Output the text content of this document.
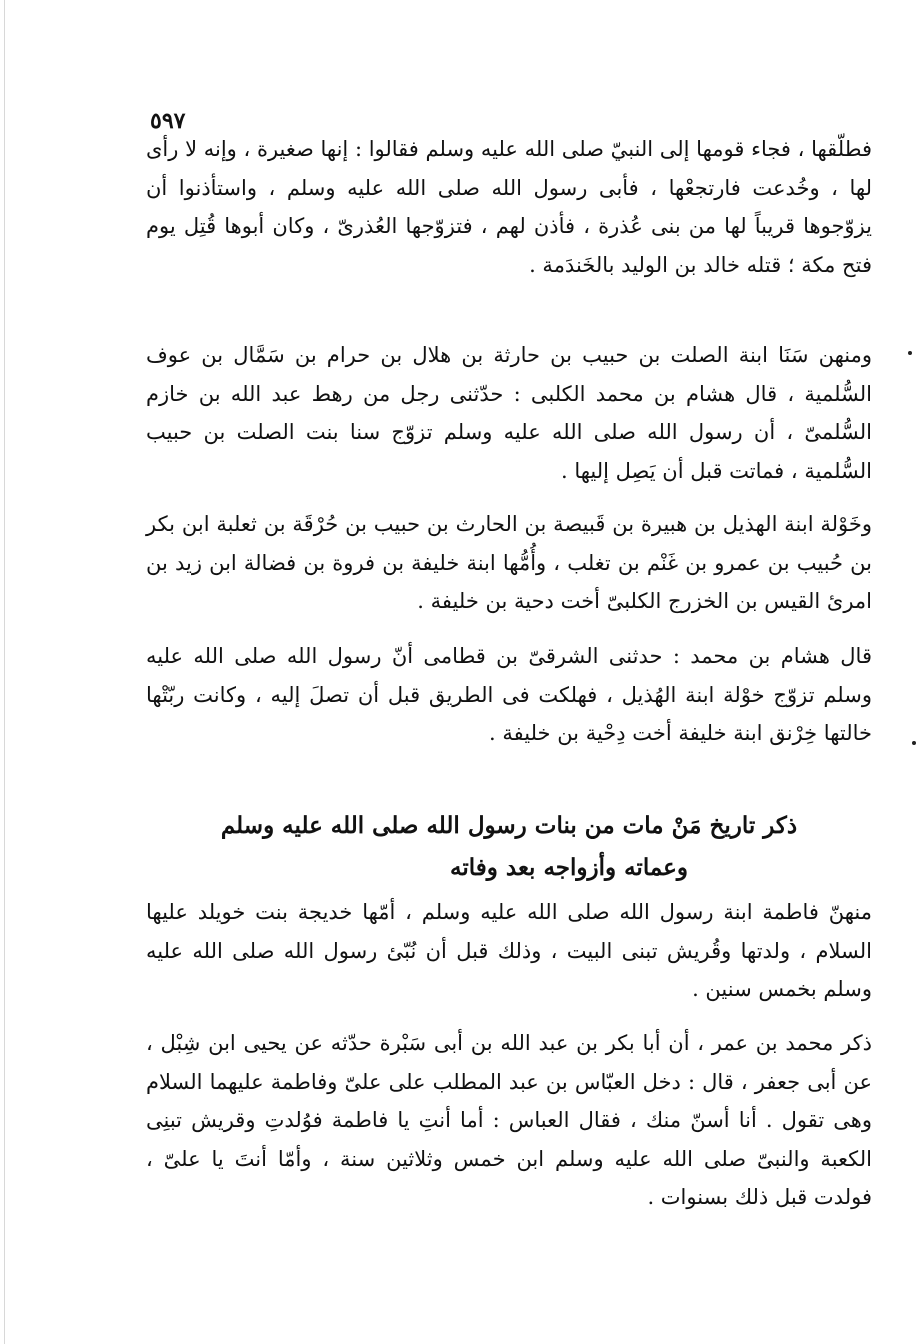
٥٩٧

فطلّقها ، فجاء قومها إلى النبيّ صلى الله عليه وسلم فقالوا : إنها صغيرة ، وإنه لا رأى لها ، وخُدعت فارتجعْها ، فأبى رسول الله صلى الله عليه وسلم ، واستأذنوا أن يزوّجوها قريباً لها من بنى عُذرة ، فأذن لهم ، فتزوّجها العُذرىّ ، وكان أبوها قُتِل يوم فتح مكة ؛ قتله خالد بن الوليد بالخَندَمة .

ومنهن سَنَا ابنة الصلت بن حبيب بن حارثة بن هلال بن حرام بن سَمَّال بن عوف السُّلمية ، قال هشام بن محمد الكلبى : حدّثنى رجل من رهط عبد الله بن خازم السُّلمىّ ، أن رسول الله صلى الله عليه وسلم تزوّج سنا بنت الصلت بن حبيب السُّلمية ، فماتت قبل أن يَصِل إليها .

وخَوْلة ابنة الهذيل بن هبيرة بن قَبيصة بن الحارث بن حبيب بن حُرْقَة بن ثعلبة ابن بكر بن حُبيب بن عمرو بن غَنْم بن تغلب ، وأُمُّها ابنة خليفة بن فروة بن فضالة ابن زيد بن امرئ القيس بن الخزرج الكلبىّ أخت دحية بن خليفة .

قال هشام بن محمد : حدثنى الشرقىّ بن قطامى أنّ رسول الله صلى الله عليه وسلم تزوّج خوْلة ابنة الهُذيل ، فهلكت فى الطريق قبل أن تصلَ إليه ، وكانت ربّتْها خالتها خِرْنق ابنة خليفة أخت دِحْية بن خليفة .

ذكر تاريخ مَنْ مات من بنات رسول الله صلى الله عليه وسلم

وعماته وأزواجه بعد وفاته

منهنّ فاطمة ابنة رسول الله صلى الله عليه وسلم ، أمّها خديجة بنت خويلد عليها السلام ، ولدتها وقُريش تبنى البيت ، وذلك قبل أن نُبّئ رسول الله صلى الله عليه وسلم بخمس سنين .

ذكر محمد بن عمر ، أن أبا بكر بن عبد الله بن أبى سَبْرة حدّثه عن يحيى ابن شِبْل ، عن أبى جعفر ، قال : دخل العبّاس بن عبد المطلب على علىّ وفاطمة عليهما السلام وهى تقول . أنا أسنّ منك ، فقال العباس : أما أنتِ يا فاطمة فوُلدتِ وقريش تبنِى الكعبة والنبىّ صلى الله عليه وسلم ابن خمس وثلاثين سنة ، وأمّا أنتَ يا علىّ ، فولدت قبل ذلك بسنوات .
